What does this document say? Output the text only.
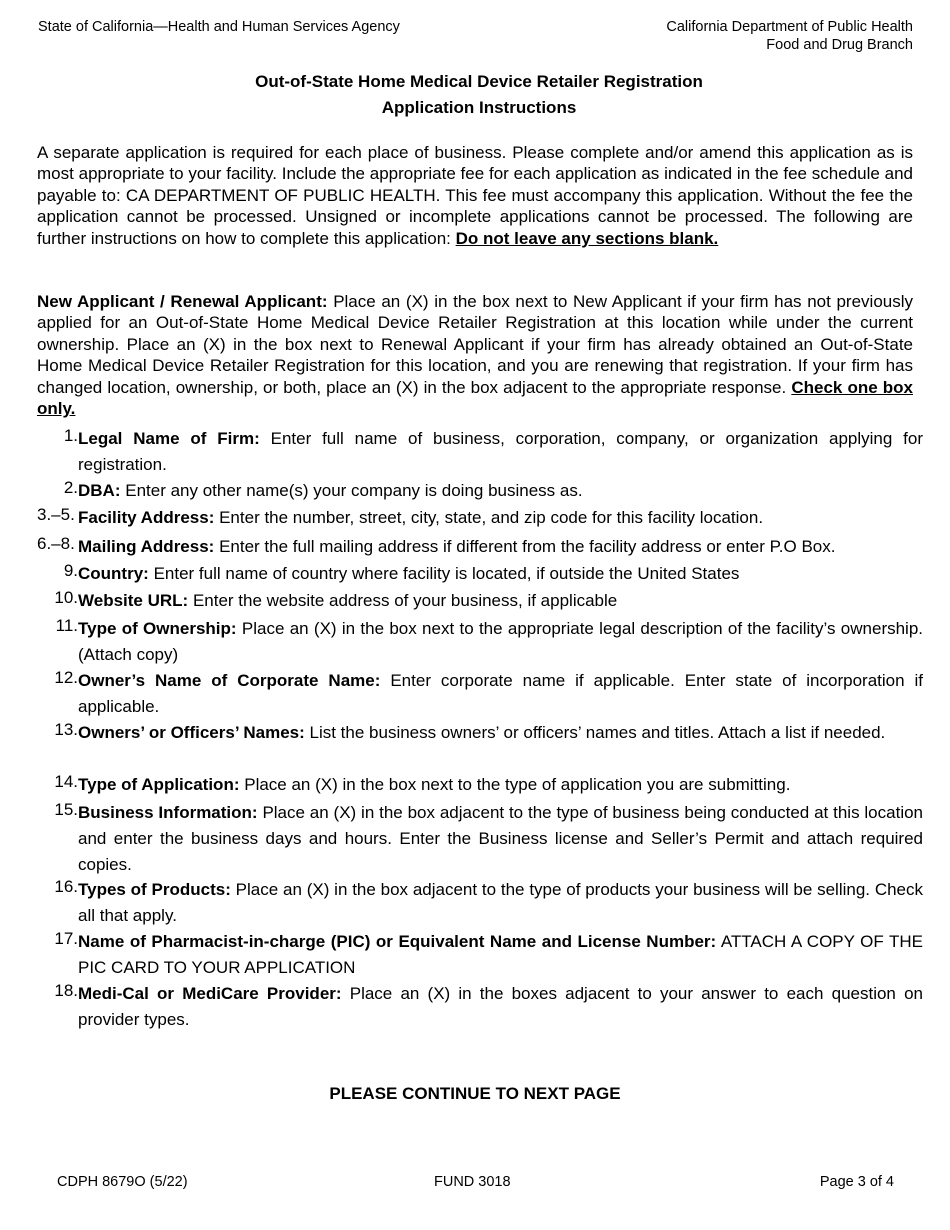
State of California—Health and Human Services Agency	California Department of Public Health
Food and Drug Branch
Out-of-State Home Medical Device Retailer Registration
Application Instructions
A separate application is required for each place of business. Please complete and/or amend this application as is most appropriate to your facility. Include the appropriate fee for each application as indicated in the fee schedule and payable to: CA DEPARTMENT OF PUBLIC HEALTH. This fee must accompany this application. Without the fee the application cannot be processed. Unsigned or incomplete applications cannot be processed. The following are further instructions on how to complete this application: Do not leave any sections blank.
New Applicant / Renewal Applicant: Place an (X) in the box next to New Applicant if your firm has not previously applied for an Out-of-State Home Medical Device Retailer Registration at this location while under the current ownership. Place an (X) in the box next to Renewal Applicant if your firm has already obtained an Out-of-State Home Medical Device Retailer Registration for this location, and you are renewing that registration. If your firm has changed location, ownership, or both, place an (X) in the box adjacent to the appropriate response. Check one box only.
1. Legal Name of Firm: Enter full name of business, corporation, company, or organization applying for registration.
2. DBA: Enter any other name(s) your company is doing business as.
3.–5. Facility Address: Enter the number, street, city, state, and zip code for this facility location.
6.–8. Mailing Address: Enter the full mailing address if different from the facility address or enter P.O Box.
9. Country: Enter full name of country where facility is located, if outside the United States
10. Website URL: Enter the website address of your business, if applicable
11. Type of Ownership: Place an (X) in the box next to the appropriate legal description of the facility’s ownership. (Attach copy)
12. Owner’s Name of Corporate Name: Enter corporate name if applicable. Enter state of incorporation if applicable.
13. Owners’ or Officers’ Names: List the business owners’ or officers’ names and titles. Attach a list if needed.
14. Type of Application: Place an (X) in the box next to the type of application you are submitting.
15. Business Information: Place an (X) in the box adjacent to the type of business being conducted at this location and enter the business days and hours. Enter the Business license and Seller’s Permit and attach required copies.
16. Types of Products: Place an (X) in the box adjacent to the type of products your business will be selling. Check all that apply.
17. Name of Pharmacist-in-charge (PIC) or Equivalent Name and License Number: ATTACH A COPY OF THE PIC CARD TO YOUR APPLICATION
18. Medi-Cal or MediCare Provider: Place an (X) in the boxes adjacent to your answer to each question on provider types.
PLEASE CONTINUE TO NEXT PAGE
CDPH 8679O (5/22)	FUND 3018	Page 3 of 4
